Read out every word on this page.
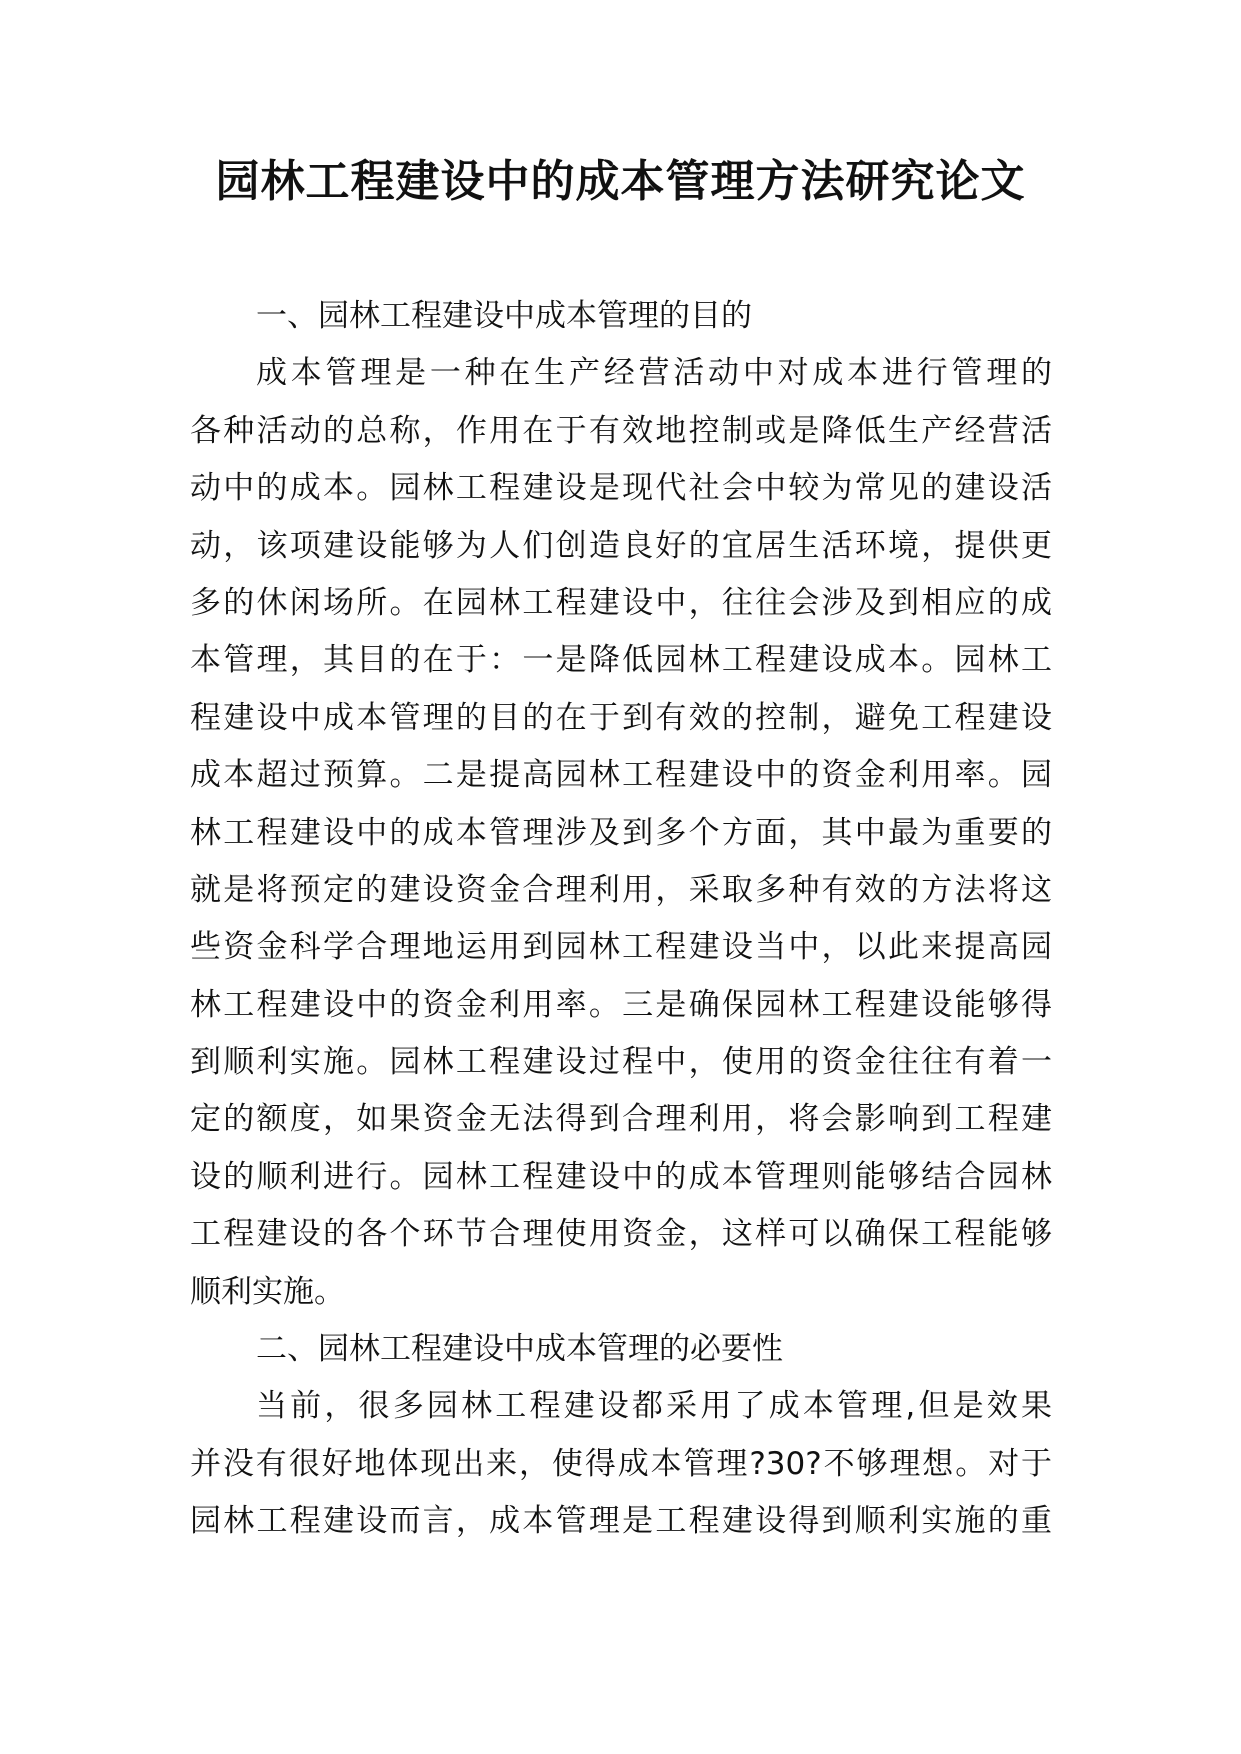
园林工程建设中的成本管理方法研究论文
一、园林工程建设中成本管理的目的
成本管理是一种在生产经营活动中对成本进行管理的
各种活动的总称，作用在于有效地控制或是降低生产经营活
动中的成本。园林工程建设是现代社会中较为常见的建设活
动，该项建设能够为人们创造良好的宜居生活环境，提供更
多的休闲场所。在园林工程建设中，往往会涉及到相应的成
本管理，其目的在于：一是降低园林工程建设成本。园林工
程建设中成本管理的目的在于到有效的控制，避免工程建设
成本超过预算。二是提高园林工程建设中的资金利用率。园
林工程建设中的成本管理涉及到多个方面，其中最为重要的
就是将预定的建设资金合理利用，采取多种有效的方法将这
些资金科学合理地运用到园林工程建设当中，以此来提高园
林工程建设中的资金利用率。三是确保园林工程建设能够得
到顺利实施。园林工程建设过程中，使用的资金往往有着一
定的额度，如果资金无法得到合理利用，将会影响到工程建
设的顺利进行。园林工程建设中的成本管理则能够结合园林
工程建设的各个环节合理使用资金，这样可以确保工程能够
顺利实施。
二、园林工程建设中成本管理的必要性
当前，很多园林工程建设都采用了成本管理,但是效果
并没有很好地体现出来，使得成本管理?30?不够理想。对于
园林工程建设而言，成本管理是工程建设得到顺利实施的重
